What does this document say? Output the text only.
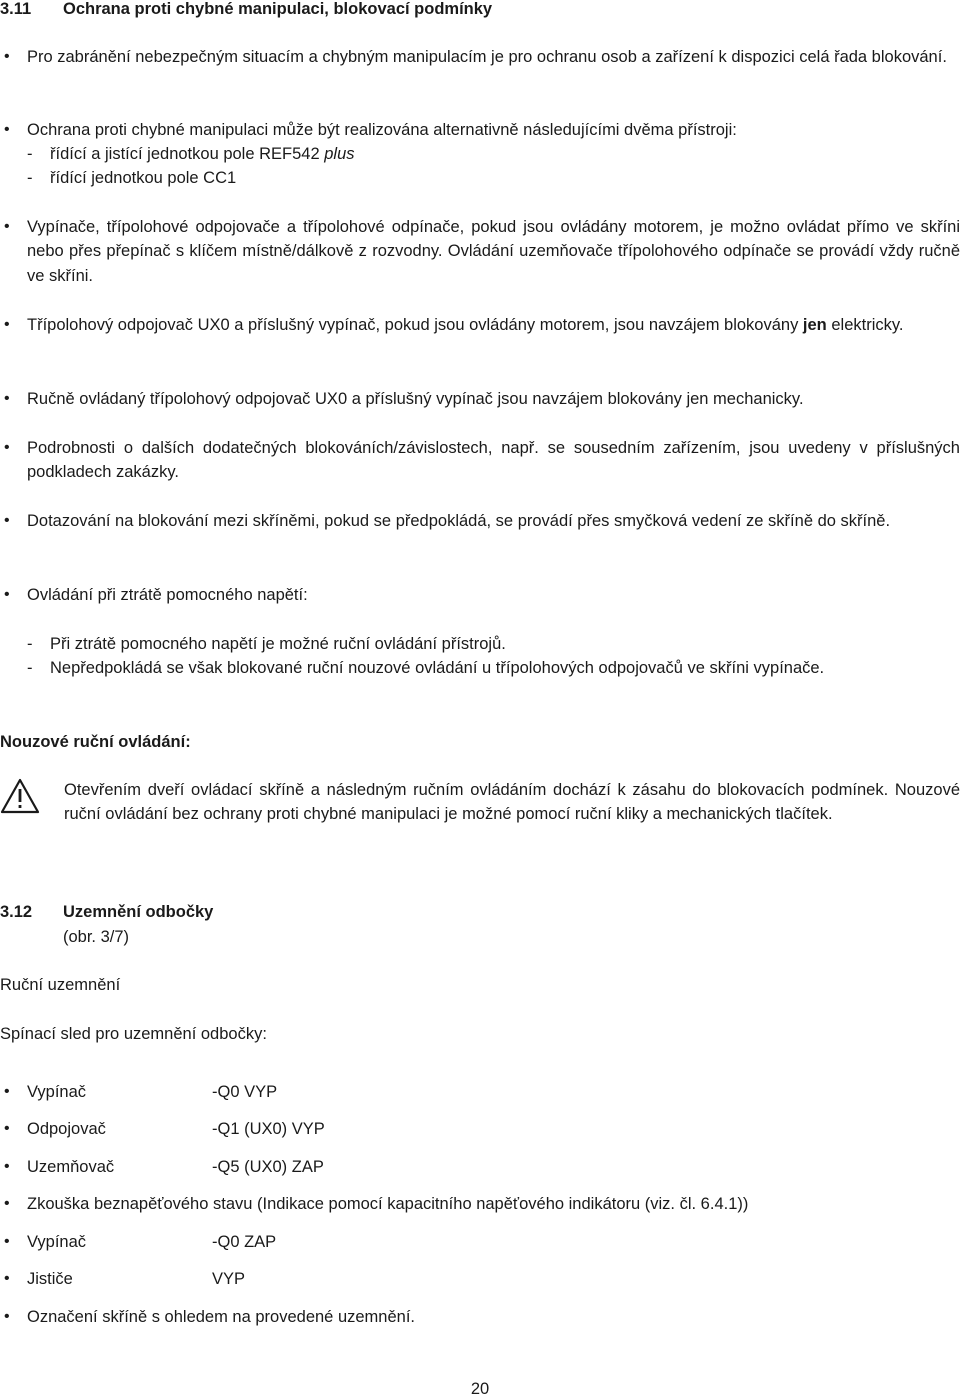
3.11 Ochrana proti chybné manipulaci, blokovací podmínky
• Pro zabránění nebezpečným situacím a chybným manipulacím je pro ochranu osob a zařízení k dispozici celá řada blokování.
• Ochrana proti chybné manipulaci může být realizována alternativně následujícími dvěma přístroji:
- řídící a jistící jednotkou pole REF542 plus
- řídící jednotkou pole CC1
• Vypínače, třípolohové odpojovače a třípolohové odpínače, pokud jsou ovládány motorem, je možno ovládat přímo ve skříni nebo přes přepínač s klíčem místně/dálkově z rozvodny. Ovládání uzemňovače třípolohového odpínače se provádí vždy ručně ve skříni.
• Třípolohový odpojovač UX0 a příslušný vypínač, pokud jsou ovládány motorem, jsou navzájem blokovány jen elektricky.
• Ručně ovládaný třípolohový odpojovač UX0 a příslušný vypínač jsou navzájem blokovány jen mechanicky.
• Podrobnosti o dalších dodatečných blokováních/závislostech, např. se sousedním zařízením, jsou uvedeny v příslušných podkladech zakázky.
• Dotazování na blokování mezi skříněmi, pokud se předpokládá, se provádí přes smyčková vedení ze skříně do skříně.
• Ovládání při ztrátě pomocného napětí:
- Při ztrátě pomocného napětí je možné ruční ovládání přístrojů.
- Nepředpokládá se však blokované ruční nouzové ovládání u třípolohových odpojovačů ve skříni vypínače.
Nouzové ruční ovládání:
Otevřením dveří ovládací skříně a následným ručním ovládáním dochází k zásahu do blokovacích podmínek. Nouzové ruční ovládání bez ochrany proti chybné manipulaci je možné pomocí ruční kliky a mechanických tlačítek.
3.12 Uzemnění odbočky
(obr. 3/7)
Ruční uzemnění
Spínací sled pro uzemnění odbočky:
• Vypínač	-Q0 VYP
• Odpojovač	-Q1 (UX0) VYP
• Uzemňovač	-Q5 (UX0) ZAP
• Zkouška beznapěťového stavu (Indikace pomocí kapacitního napěťového indikátoru (viz. čl. 6.4.1))
• Vypínač	-Q0 ZAP
• Jističe	VYP
• Označení skříně s ohledem na provedené uzemnění.
20
